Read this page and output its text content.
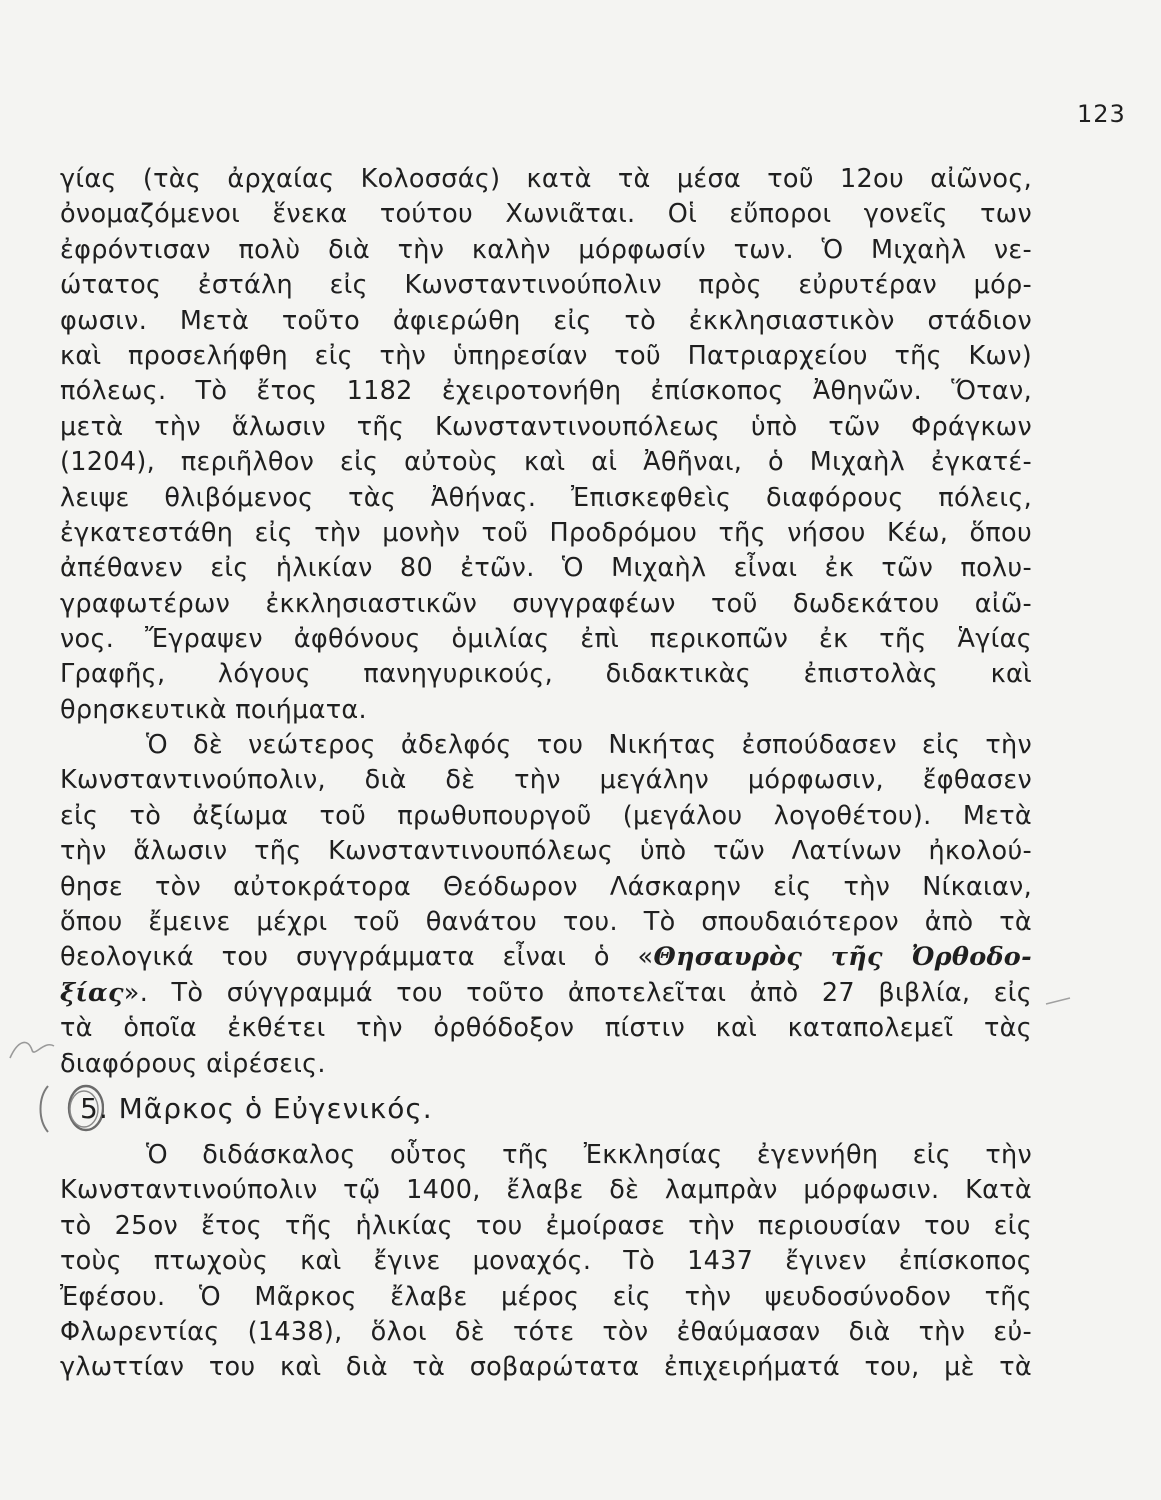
123
γίας (τὰς ἀρχαίας Κολοσσάς) κατὰ τὰ μέσα τοῦ 12ου αἰῶνος,
ὀνομαζόμενοι ἕνεκα τούτου Χωνιᾶται. Οἱ εὔποροι γονεῖς των
ἐφρόντισαν πολὺ διὰ τὴν καλὴν μόρφωσίν των. Ὁ Μιχαὴλ νε-
ώτατος ἐστάλη εἰς Κωνσταντινούπολιν πρὸς εὐρυτέραν μόρ-
φωσιν. Μετὰ τοῦτο ἀφιερώθη εἰς τὸ ἐκκλησιαστικὸν στάδιον
καὶ προσελήφθη εἰς τὴν ὑπηρεσίαν τοῦ Πατριαρχείου τῆς Κων)
πόλεως. Τὸ ἔτος 1182 ἐχειροτονήθη ἐπίσκοπος Ἀθηνῶν. Ὅταν,
μετὰ τὴν ἅλωσιν τῆς Κωνσταντινουπόλεως ὑπὸ τῶν Φράγκων
(1204), περιῆλθον εἰς αὐτοὺς καὶ αἱ Ἀθῆναι, ὁ Μιχαὴλ ἐγκατέ-
λειψε θλιβόμενος τὰς Ἀθήνας. Ἐπισκεφθεὶς διαφόρους πόλεις,
ἐγκατεστάθη εἰς τὴν μονὴν τοῦ Προδρόμου τῆς νήσου Κέω, ὅπου
ἀπέθανεν εἰς ἡλικίαν 80 ἐτῶν. Ὁ Μιχαὴλ εἶναι ἐκ τῶν πολυ-
γραφωτέρων ἐκκλησιαστικῶν συγγραφέων τοῦ δωδεκάτου αἰῶ-
νος. Ἔγραψεν ἀφθόνους ὁμιλίας ἐπὶ περικοπῶν ἐκ τῆς Ἁγίας
Γραφῆς, λόγους πανηγυρικούς, διδακτικὰς ἐπιστολὰς καὶ
θρησκευτικὰ ποιήματα.
Ὁ δὲ νεώτερος ἀδελφός του Νικήτας ἐσπούδασεν εἰς τὴν
Κωνσταντινούπολιν, διὰ δὲ τὴν μεγάλην μόρφωσιν, ἔφθασεν
εἰς τὸ ἀξίωμα τοῦ πρωθυπουργοῦ (μεγάλου λογοθέτου). Μετὰ
τὴν ἅλωσιν τῆς Κωνσταντινουπόλεως ὑπὸ τῶν Λατίνων ἠκολού-
θησε τὸν αὐτοκράτορα Θεόδωρον Λάσκαρην εἰς τὴν Νίκαιαν,
ὅπου ἔμεινε μέχρι τοῦ θανάτου του. Τὸ σπουδαιότερον ἀπὸ τὰ
θεολογικά του συγγράμματα εἶναι ὁ «Θησαυρὸς τῆς Ὀρθοδο-
ξίας». Τὸ σύγγραμμά του τοῦτο ἀποτελεῖται ἀπὸ 27 βιβλία, εἰς
τὰ ὁποῖα ἐκθέτει τὴν ὀρθόδοξον πίστιν καὶ καταπολεμεῖ τὰς
διαφόρους αἱρέσεις.
5. Μᾶρκος ὁ Εὐγενικός.
Ὁ διδάσκαλος οὗτος τῆς Ἐκκλησίας ἐγεννήθη εἰς τὴν
Κωνσταντινούπολιν τῷ 1400, ἔλαβε δὲ λαμπρὰν μόρφωσιν. Κατὰ
τὸ 25ον ἔτος τῆς ἡλικίας του ἐμοίρασε τὴν περιουσίαν του εἰς
τοὺς πτωχοὺς καὶ ἔγινε μοναχός. Τὸ 1437 ἔγινεν ἐπίσκοπος
Ἐφέσου. Ὁ Μᾶρκος ἔλαβε μέρος εἰς τὴν ψευδοσύνοδον τῆς
Φλωρεντίας (1438), ὅλοι δὲ τότε τὸν ἐθαύμασαν διὰ τὴν εὐ-
γλωττίαν του καὶ διὰ τὰ σοβαρώτατα ἐπιχειρήματά του, μὲ τὰ
